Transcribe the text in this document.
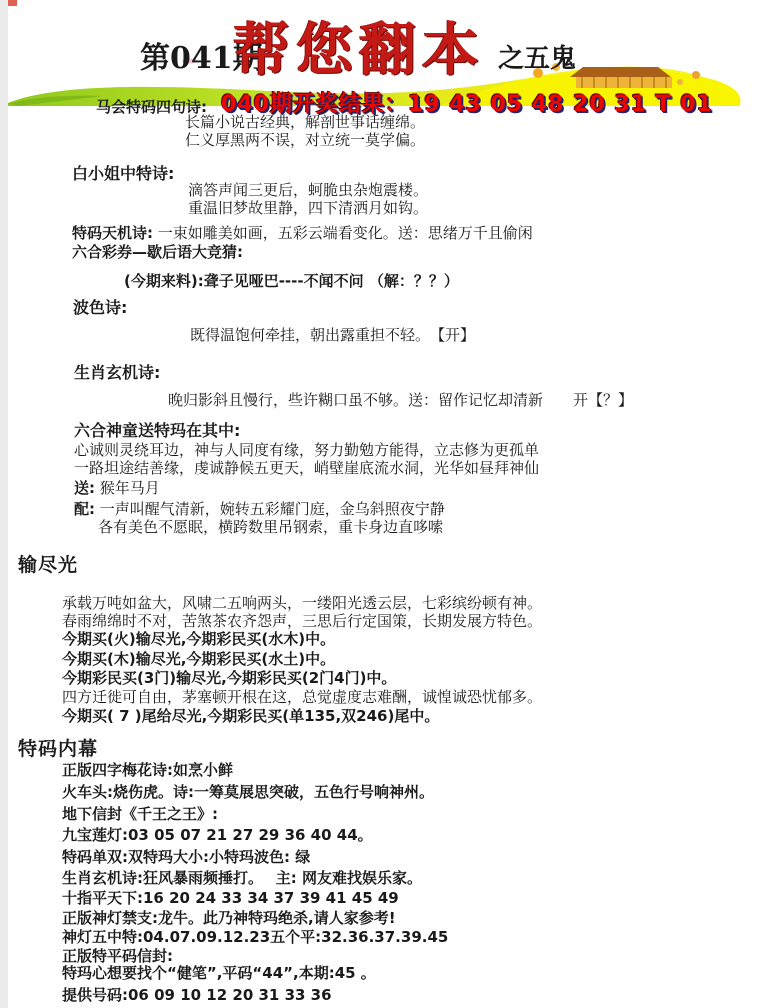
第041期
帮您翻本 之五鬼
马会特码四句诗: 040期开奖结果：19 43 05 48 20 31 T 01
长篇小说古经典，解剖世事话缠绵。
仁义厚黑两不误，对立统一莫学偏。
白小姐中特诗:
滴答声闻三更后，蚵脆虫杂炮震楼。
重温旧梦故里静，四下清洒月如钩。
特码天机诗: 一束如雕美如画，五彩云端看变化。送：思绪万千且偷闲
六合彩券—歇后语大竞猜:
(今期来料):聋子见哑巴----不闻不问 （解：？？）
波色诗:
既得温饱何牵挂，朝出露重担不轻。　【开】
生肖玄机诗:
晚归影斜且慢行，些许糊口虽不够。送：留作记忆却清新　　开【？】
六合神童送特玛在其中:
心诚则灵绕耳边，神与人同度有缘，努力勤勉方能得，立志修为更孤单
一路坦途结善缘，虔诚静候五更天，峭壁崖底流水洞，光华如昼拜神仙
送: 猴年马月
配: 一声叫醒气清新，婉转五彩耀门庭，金乌斜照夜宁静
各有美色不愿眠，横跨数里吊钢索，重卡身边直哆嗦
输尽光
承载万吨如盆大，风啸二五响两头，一缕阳光透云层，七彩缤纷顿有神。
春雨绵绵时不对，苦煞茶农齐怨声，三思后行定国策，长期发展方特色。
今期买(火)输尽光,今期彩民买(水木)中。
今期买(木)输尽光,今期彩民买(水土)中。
今期彩民买(3门)输尽光,今期彩民买(2门4门)中。
四方迁徙可自由，茅塞顿开根在这，总觉虚度志难酬，诚惶诚恐忧郁多。
今期买( 7 )尾给尽光,今期彩民买(单135,双246)尾中。
特码内幕
正版四字梅花诗:如烹小鲜
火车头:烧伤虎。诗:一筹莫展思突破，五色行号响神州。
地下信封《千王之王》:
九宝莲灯:03 05 07 21 27 29 36 40 44。
特码单双:双特玛大小:小特玛波色: 绿
生肖玄机诗:狂风暴雨频捶打。　 主: 网友难找娱乐家。
十指平天下:16 20 24 33 34 37 39 41 45 49
正版神灯禁支:龙牛。此乃神特玛绝杀,请人家参考!
神灯五中特:04.07.09.12.23五个平:32.36.37.39.45
正版特平码信封:
特玛心想要找个“健笔”,平码“44”,本期:45 。
提供号码:06 09 10 12 20 31 33 36
